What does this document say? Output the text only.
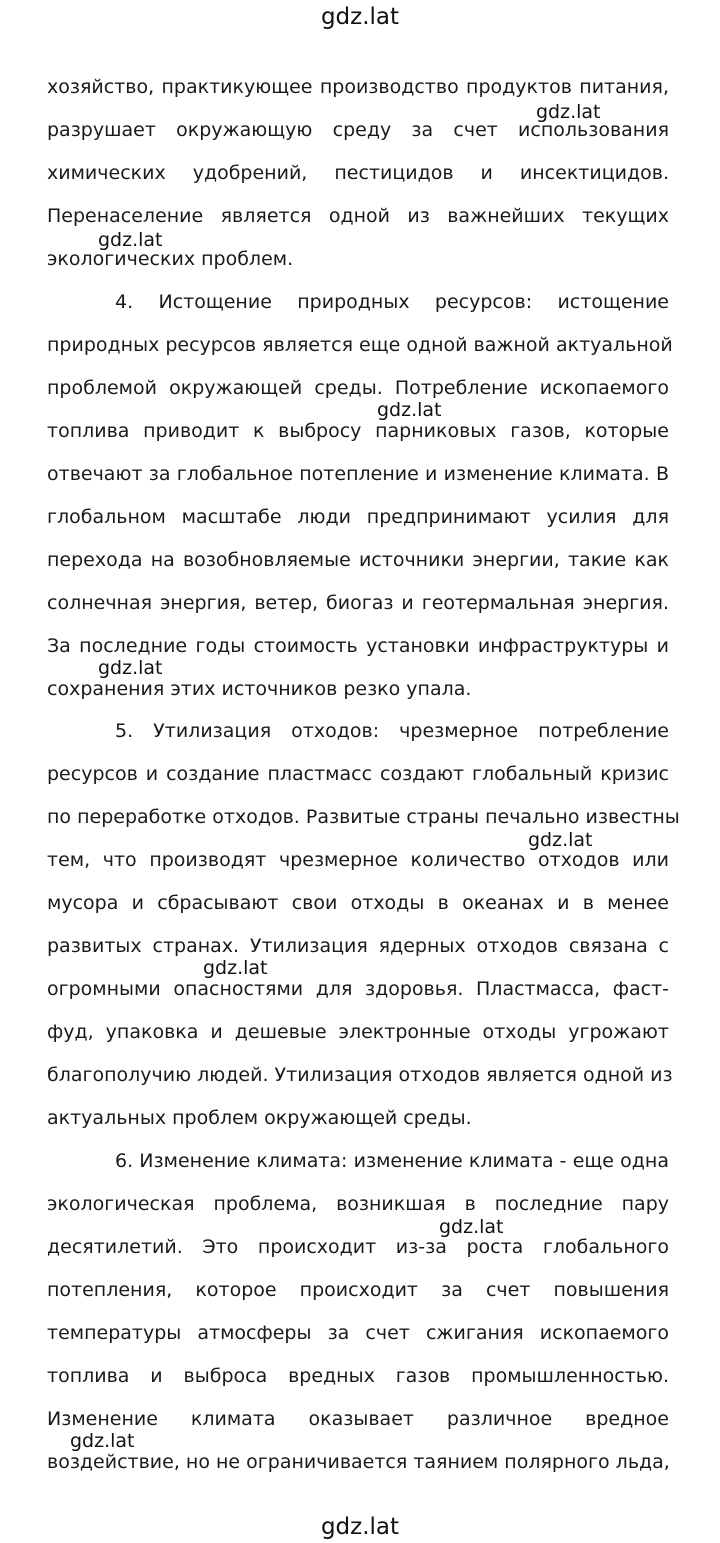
gdz.lat
хозяйство, практикующее производство продуктов питания,
разрушает окружающую среду за счет использования
химических удобрений, пестицидов и инсектицидов.
Перенаселение является одной из важнейших текущих
экологических проблем.
4. Истощение природных ресурсов: истощение
природных ресурсов является еще одной важной актуальной
проблемой окружающей среды. Потребление ископаемого
топлива приводит к выбросу парниковых газов, которые
отвечают за глобальное потепление и изменение климата. В
глобальном масштабе люди предпринимают усилия для
перехода на возобновляемые источники энергии, такие как
солнечная энергия, ветер, биогаз и геотермальная энергия.
За последние годы стоимость установки инфраструктуры и
сохранения этих источников резко упала.
5. Утилизация отходов: чрезмерное потребление
ресурсов и создание пластмасс создают глобальный кризис
по переработке отходов. Развитые страны печально известны
тем, что производят чрезмерное количество отходов или
мусора и сбрасывают свои отходы в океанах и в менее
развитых странах. Утилизация ядерных отходов связана с
огромными опасностями для здоровья. Пластмасса, фаст-
фуд, упаковка и дешевые электронные отходы угрожают
благополучию людей. Утилизация отходов является одной из
актуальных проблем окружающей среды.
6. Изменение климата: изменение климата - еще одна
экологическая проблема, возникшая в последние пару
десятилетий. Это происходит из-за роста глобального
потепления, которое происходит за счет повышения
температуры атмосферы за счет сжигания ископаемого
топлива и выброса вредных газов промышленностью.
Изменение климата оказывает различное вредное
воздействие, но не ограничивается таянием полярного льда,
gdz.lat
gdz.lat
gdz.lat
gdz.lat
gdz.lat
gdz.lat
gdz.lat
gdz.lat
gdz.lat
